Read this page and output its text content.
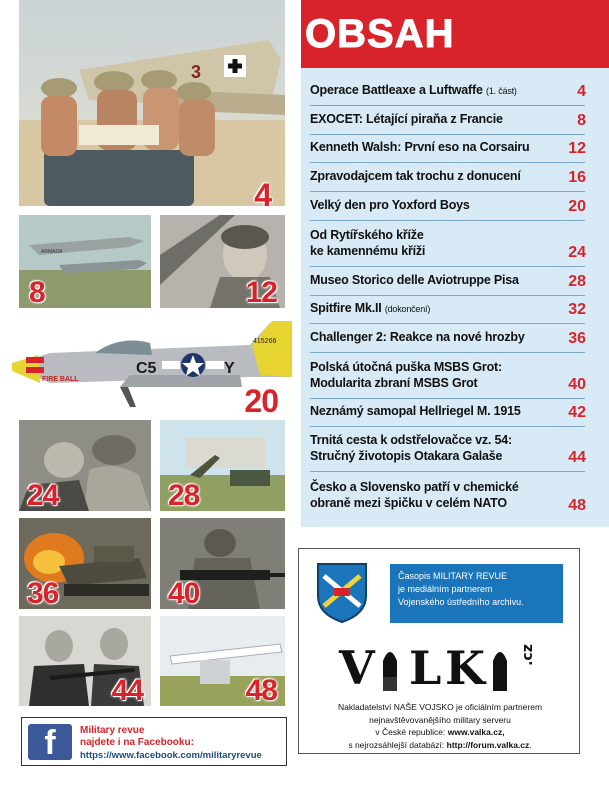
3
4
ARMADA
8	12
C5	Y
415266
FIRE BALL
20
24	28
36	40
44	48
f	Military revue
najdete i na Facebooku:
https://www.facebook.com/militaryrevue
OBSAH
Operace Battleaxe a Luftwaffe (1. část)	4
EXOCET: Létající piraňa z Francie	8
Kenneth Walsh: První eso na Corsairu	12
Zpravodajcem tak trochu z donucení	16
Velký den pro Yoxford Boys	20
Od Rytířského kříže
ke kamennému kříži	24
Museo Storico delle Aviotruppe Pisa	28
Spitfire Mk.II (dokončení)	32
Challenger 2: Reakce na nové hrozby	36
Polská útočná puška MSBS Grot:
Modularita zbraní MSBS Grot	40
Neznámý samopal Hellriegel M. 1915	42
Trnitá cesta k odstřelovačce vz. 54:
Stručný životopis Otakara Galaše	44
Česko a Slovensko patří v chemické
obraně mezi špičku v celém NATO	48
Časopis MILITARY REVUE
je mediálním partnerem
Vojenského ústředního archivu.
V L K .cz
Nakladatelství NAŠE VOJSKO je oficiálním partnerem
nejnavštěvovanějšího military serveru
v České republice: www.valka.cz,
s nejrozsáhlejší databází: http://forum.valka.cz.
